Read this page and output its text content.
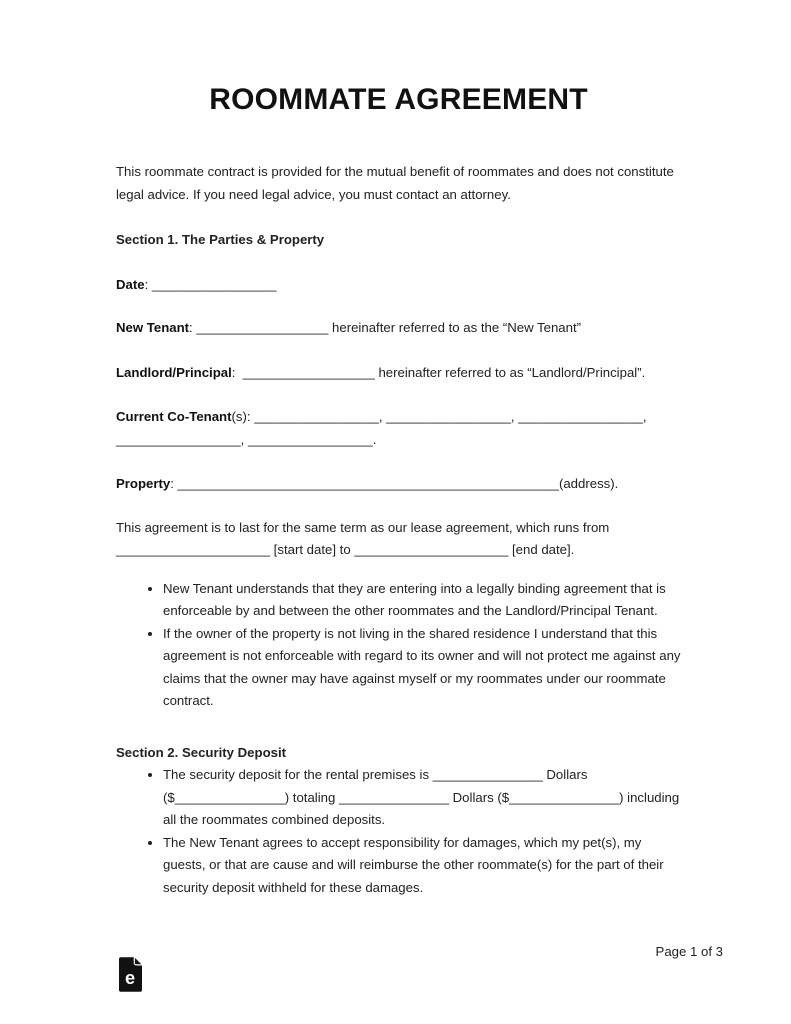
ROOMMATE AGREEMENT

This roommate contract is provided for the mutual benefit of roommates and does not constitute legal advice. If you need legal advice, you must contact an attorney.

Section 1. The Parties & Property

Date: _________________

New Tenant: __________________ hereinafter referred to as the “New Tenant”

Landlord/Principal:  __________________ hereinafter referred to as “Landlord/Principal”.

Current Co-Tenant(s): _________________, _________________, _________________, _________________, _________________.

Property: ____________________________________________________(address).

This agreement is to last for the same term as our lease agreement, which runs from _____________________ [start date] to _____________________ [end date].

• New Tenant understands that they are entering into a legally binding agreement that is enforceable by and between the other roommates and the Landlord/Principal Tenant.
• If the owner of the property is not living in the shared residence I understand that this agreement is not enforceable with regard to its owner and will not protect me against any claims that the owner may have against myself or my roommates under our roommate contract.

Section 2. Security Deposit

• The security deposit for the rental premises is _______________ Dollars ($_______________) totaling _______________ Dollars ($_______________) including all the roommates combined deposits.
• The New Tenant agrees to accept responsibility for damages, which my pet(s), my guests, or that are cause and will reimburse the other roommate(s) for the part of their security deposit withheld for these damages.
Page 1 of 3
e
